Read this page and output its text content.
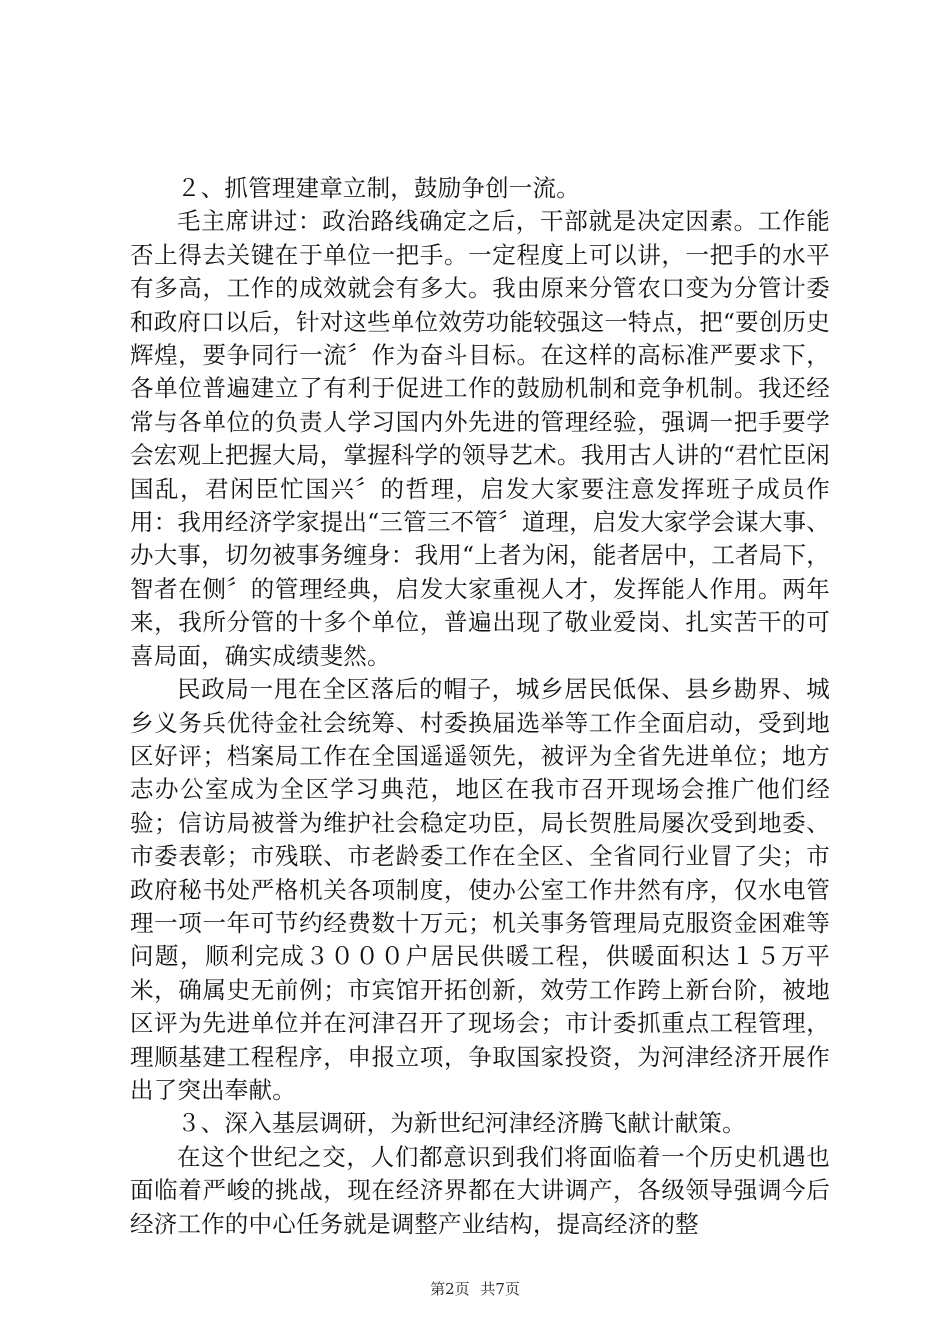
２、抓管理建章立制，鼓励争创一流。

毛主席讲过：政治路线确定之后，干部就是决定因素。工作能否上得去关键在于单位一把手。一定程度上可以讲，一把手的水平有多高，工作的成效就会有多大。我由原来分管农口变为分管计委和政府口以后，针对这些单位效劳功能较强这一特点，把“要创历史辉煌，要争同行一流〞作为奋斗目标。在这样的高标准严要求下，各单位普遍建立了有利于促进工作的鼓励机制和竞争机制。我还经常与各单位的负责人学习国内外先进的管理经验，强调一把手要学会宏观上把握大局，掌握科学的领导艺术。我用古人讲的“君忙臣闲国乱，君闲臣忙国兴〞的哲理，启发大家要注意发挥班子成员作用：我用经济学家提出“三管三不管〞道理，启发大家学会谋大事、办大事，切勿被事务缠身：我用“上者为闲，能者居中，工者局下，智者在侧〞的管理经典，启发大家重视人才，发挥能人作用。两年来，我所分管的十多个单位，普遍出现了敬业爱岗、扎实苦干的可喜局面，确实成绩斐然。

民政局一甩在全区落后的帽子，城乡居民低保、县乡勘界、城乡义务兵优待金社会统筹、村委换届选举等工作全面启动，受到地区好评；档案局工作在全国遥遥领先，被评为全省先进单位；地方志办公室成为全区学习典范，地区在我市召开现场会推广他们经验；信访局被誉为维护社会稳定功臣，局长贺胜局屡次受到地委、市委表彰；市残联、市老龄委工作在全区、全省同行业冒了尖；市政府秘书处严格机关各项制度，使办公室工作井然有序，仅水电管理一项一年可节约经费数十万元；机关事务管理局克服资金困难等问题，顺利完成３０００户居民供暖工程，供暖面积达１５万平米，确属史无前例；市宾馆开拓创新，效劳工作跨上新台阶，被地区评为先进单位并在河津召开了现场会；市计委抓重点工程管理，理顺基建工程程序，申报立项，争取国家投资，为河津经济开展作出了突出奉献。

３、深入基层调研，为新世纪河津经济腾飞献计献策。

在这个世纪之交，人们都意识到我们将面临着一个历史机遇也面临着严峻的挑战，现在经济界都在大讲调产，各级领导强调今后经济工作的中心任务就是调整产业结构，提高经济的整

第2页 共7页
